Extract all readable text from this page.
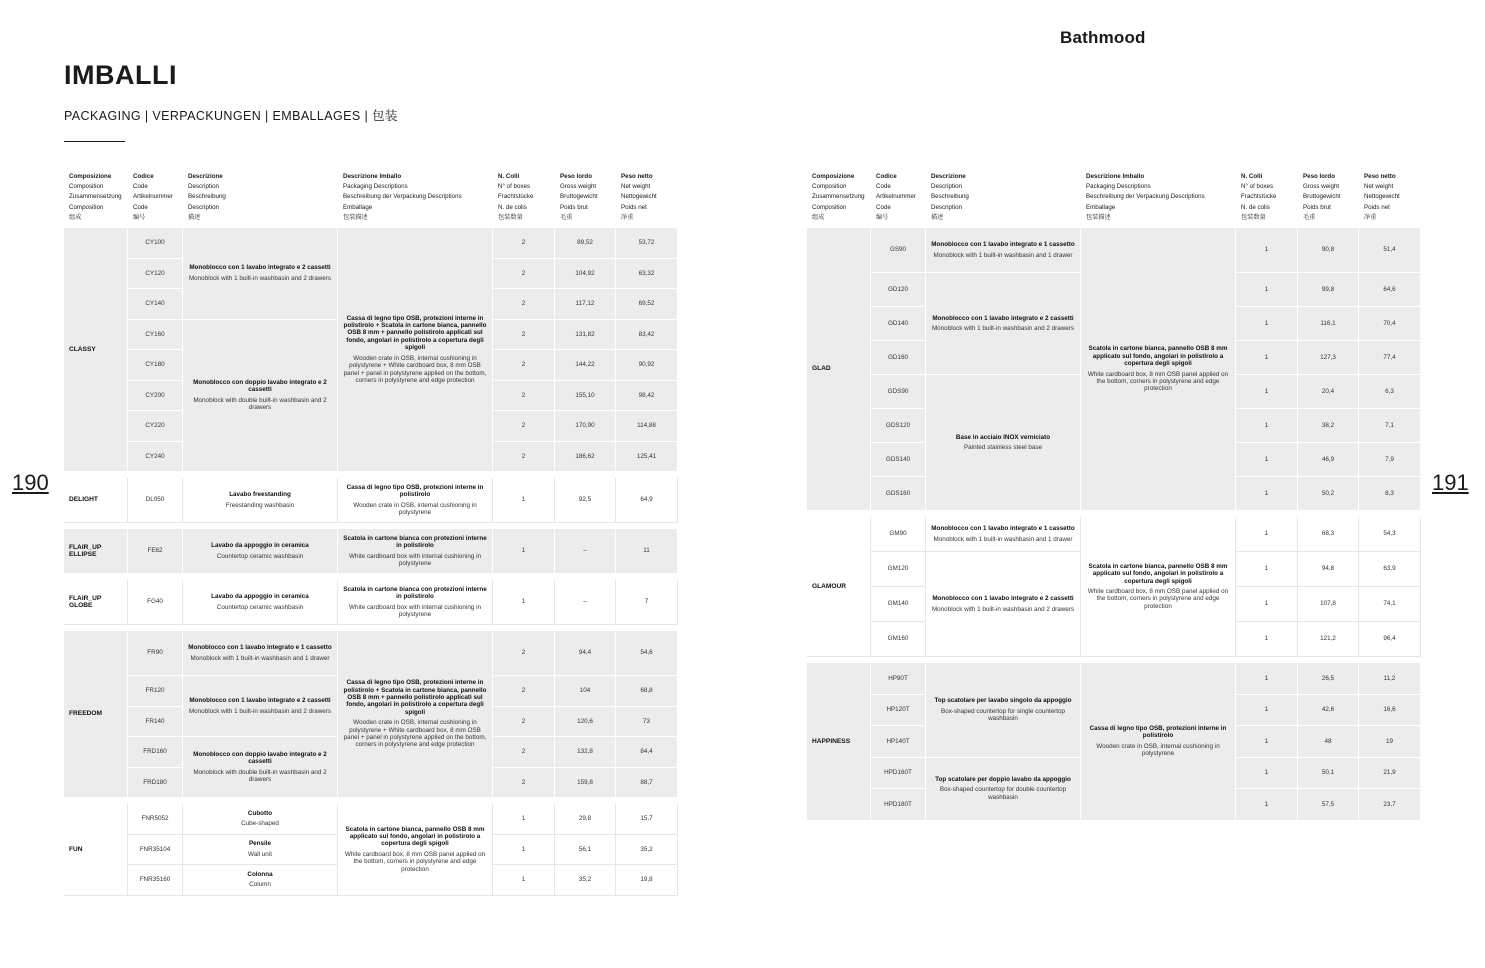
Bathmood
IMBALLI
PACKAGING | VERPACKUNGEN | EMBALLAGES | 包装
190	191
Composizione
Composition
Zusammensetzung
Composition
组成	Codice
Code
Artikelnummer
Code
编号	Descrizione
Description
Beschreibung
Description
描述	Descrizione Imballo
Packaging Descriptions
Beschreibung der Verpackung Descriptions
Emballage
包装描述	N. Colli
N° of boxes
Frachtstücke
N. de colis
包装数量	Peso lordo
Gross weight
Bruttogewicht
Poids brut
毛重	Peso netto
Net weight
Nettogewicht
Poids net
净重
CLASSY	CY100	Monoblocco con 1 lavabo integrato e 2 cassetti
Monoblock with 1 built-in washbasin and 2 drawers	Cassa di legno tipo OSB, protezioni interne in polistirolo + Scatola in cartone bianca, pannello OSB 8 mm + pannello polistirolo applicati sul fondo, angolari in polistirolo a copertura degli spigoli
Wooden crate in OSB, internal cushioning in polystyrene + White cardboard box, 8 mm OSB panel + panel in polystyrene applied on the bottom, corners in polystyrene and edge protection	2	89,52	53,72
	CY120			2	104,92	63,32
	CY140			2	117,12	69,52
	CY160	Monoblocco con doppio lavabo integrato e 2 cassetti
Monoblock with double built-in washbasin and 2 drawers		2	131,82	83,42
	CY180			2	144,22	90,92
	CY200			2	155,10	98,42
	CY220			2	170,90	114,88
	CY240			2	186,62	125,41

DELIGHT	DL050	Lavabo freestanding
Freestanding washbasin	Cassa di legno tipo OSB, protezioni interne in polistirolo
Wooden crate in OSB, internal cushioning in polystyrene	1	92,5	64,9

FLAIR_UP
ELLIPSE	FE62	Lavabo da appoggio in ceramica
Countertop ceramic washbasin	Scatola in cartone bianca con protezioni interne in polistirolo
White cardboard box with internal cushioning in polystyrene	1	–	11

FLAIR_UP
GLOBE	FG40	Lavabo da appoggio in ceramica
Countertop ceramic washbasin	Scatola in cartone bianca con protezioni interne in polistirolo
White cardboard box with internal cushioning in polystyrene	1	–	7

FREEDOM	FR90	Monoblocco con 1 lavabo integrato e 1 cassetto
Monoblock with 1 built-in washbasin and 1 drawer	Cassa di legno tipo OSB, protezioni interne in polistirolo + Scatola in cartone bianca, pannello OSB 8 mm + pannello polistirolo applicati sul fondo, angolari in polistirolo a copertura degli spigoli
Wooden crate in OSB, internal cushioning in polystyrene + White cardboard box, 8 mm OSB panel + panel in polystyrene applied on the bottom, corners in polystyrene and edge protection	2	94,4	54,6
	FR120	Monoblocco con 1 lavabo integrato e 2 cassetti
Monoblock with 1 built-in washbasin and 2 drawers		2	104	68,8
	FR140			2	120,6	73
	FRD160	Monoblocco con doppio lavabo integrato e 2 cassetti
Monoblock with double built-in washbasin and 2 drawers		2	132,8	84,4
	FRD180			2	159,8	88,7

FUN	FNR5052	Cubotto
Cube-shaped	Scatola in cartone bianca, pannello OSB 8 mm applicato sul fondo, angolari in polistirolo a copertura degli spigoli
White cardboard box, 8 mm OSB panel applied on the bottom, corners in polystyrene and edge protection	1	29,8	15,7
	FNR35104	Pensile
Wall unit		1	56,1	35,2
	FNR35160	Colonna
Column		1	35,2	19,8
Composizione
Composition
Zusammensetzung
Composition
组成	Codice
Code
Artikelnummer
Code
编号	Descrizione
Description
Beschreibung
Description
描述	Descrizione Imballo
Packaging Descriptions
Beschreibung der Verpackung Descriptions
Emballage
包装描述	N. Colli
N° of boxes
Frachtstücke
N. de colis
包装数量	Peso lordo
Gross weight
Bruttogewicht
Poids brut
毛重	Peso netto
Net weight
Nettogewicht
Poids net
净重
GLAD	GS90	Monoblocco con 1 lavabo integrato e 1 cassetto
Monoblock with 1 built-in washbasin and 1 drawer	Scatola in cartone bianca, pannello OSB 8 mm applicato sul fondo, angolari in polistirolo a copertura degli spigoli
White cardboard box, 8 mm OSB panel applied on the bottom, corners in polystyrene and edge protection	1	90,8	51,4
	GD120	Monoblocco con 1 lavabo integrato e 2 cassetti
Monoblock with 1 built-in washbasin and 2 drawers		1	99,8	64,6
	GD140			1	116,1	70,4
	GD160			1	127,3	77,4
	GDS90	Base in acciaio INOX verniciato
Painted stainless steel base		1	20,4	6,3
	GDS120			1	38,2	7,1
	GDS140			1	46,9	7,9
	GDS160			1	50,2	8,3

GLAMOUR	GM90	Monoblocco con 1 lavabo integrato e 1 cassetto
Monoblock with 1 built-in washbasin and 1 drawer	Scatola in cartone bianca, pannello OSB 8 mm applicato sul fondo, angolari in polistirolo a copertura degli spigoli
White cardboard box, 8 mm OSB panel applied on the bottom, corners in polystyrene and edge protection	1	68,3	54,3
	GM120	Monoblocco con 1 lavabo integrato e 2 cassetti
Monoblock with 1 built-in washbasin and 2 drawers		1	94,8	63,9
	GM140			1	107,8	74,1
	GM160			1	121,2	96,4

HAPPINESS	HP90T	Top scatolare per lavabo singolo da appoggio
Box-shaped countertop for single countertop washbasin	Cassa di legno tipo OSB, protezioni interne in polistirolo
Wooden crate in OSB, internal cushioning in polystyrene	1	26,5	11,2
	HP120T			1	42,6	16,6
	HP140T			1	48	19
	HPD160T	Top scatolare per doppio lavabo da appoggio
Box-shaped countertop for double countertop washbasin		1	50,1	21,9
	HPD180T			1	57,5	23,7
